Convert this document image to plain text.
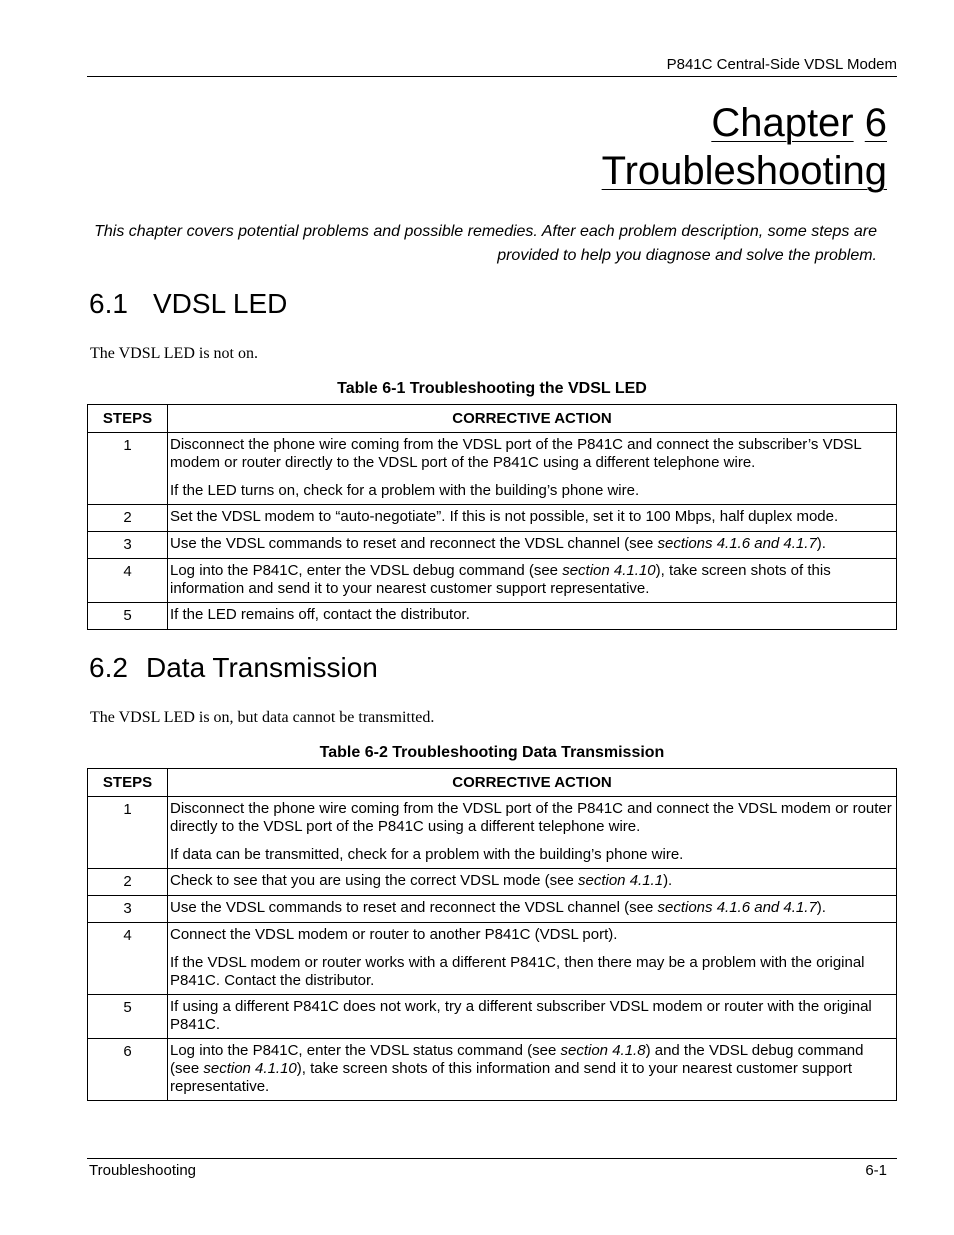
P841C Central-Side VDSL Modem
Chapter 6
Troubleshooting
This chapter covers potential problems and possible remedies. After each problem description, some steps are provided to help you diagnose and solve the problem.
6.1 VDSL LED
The VDSL LED is not on.
Table 6-1 Troubleshooting the VDSL LED
STEPS	CORRECTIVE ACTION
1	Disconnect the phone wire coming from the VDSL port of the P841C and connect the subscriber’s VDSL modem or router directly to the VDSL port of the P841C using a different telephone wire.

If the LED turns on, check for a problem with the building’s phone wire.

2	Set the VDSL modem to “auto-negotiate”. If this is not possible, set it to 100 Mbps, half duplex mode.

3	Use the VDSL commands to reset and reconnect the VDSL channel (see sections 4.1.6 and 4.1.7).

4	Log into the P841C, enter the VDSL debug command (see section 4.1.10), take screen shots of this information and send it to your nearest customer support representative.

5	If the LED remains off, contact the distributor.

6.2 Data Transmission
The VDSL LED is on, but data cannot be transmitted.
Table 6-2 Troubleshooting Data Transmission
STEPS	CORRECTIVE ACTION
1	Disconnect the phone wire coming from the VDSL port of the P841C and connect the VDSL modem or router directly to the VDSL port of the P841C using a different telephone wire.

If data can be transmitted, check for a problem with the building’s phone wire.

2	Check to see that you are using the correct VDSL mode (see section 4.1.1).

3	Use the VDSL commands to reset and reconnect the VDSL channel (see sections 4.1.6 and 4.1.7).

4	Connect the VDSL modem or router to another P841C (VDSL port).

If the VDSL modem or router works with a different P841C, then there may be a problem with the original P841C. Contact the distributor.

5	If using a different P841C does not work, try a different subscriber VDSL modem or router with the original P841C.

6	Log into the P841C, enter the VDSL status command (see section 4.1.8) and the VDSL debug command (see section 4.1.10), take screen shots of this information and send it to your nearest customer support representative.

Troubleshooting	6-1
